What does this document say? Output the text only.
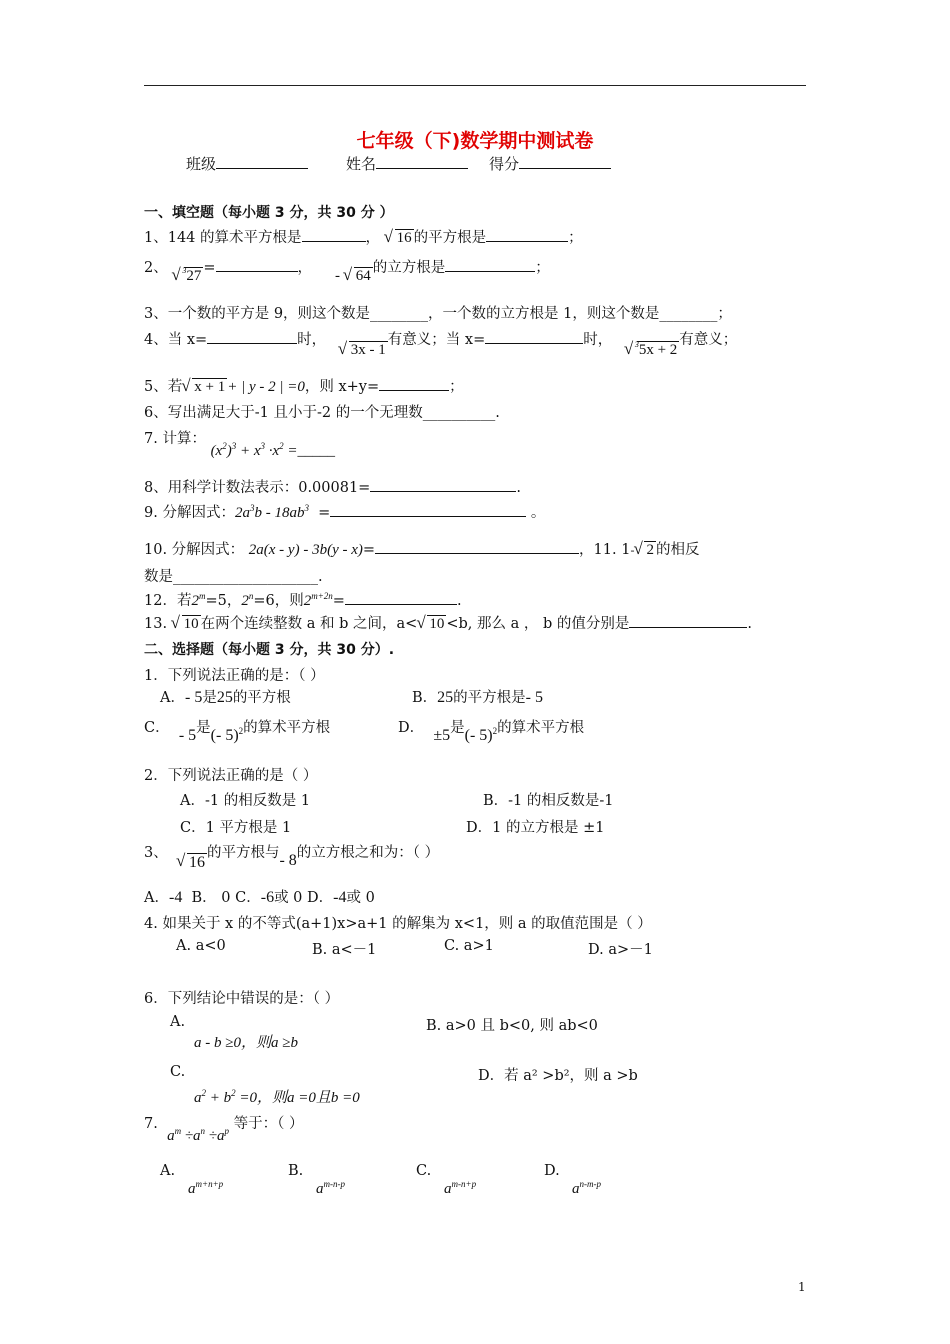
七年级（下)数学期中测试卷
班级	姓名	得分
一、填空题（每小题 3 分，共 30 分 ）
1、144 的算术平方根是	， √ 16 的平方根是	；
2、 √ $^3$27 =	， - √ 64 的立方根是	；
3、一个数的平方是 9，则这个数是________，一个数的立方根是 1，则这个数是________；
4、当 x=	时， √ 3x - 1有意义；当 x=	时，	√ $^3$5x + 2有意义；
5、若 √ x + 1 + | y - 2 | =0，则 x+y=	；
6、写出满足大于-1 且小于-2 的一个无理数__________.
7. 计算： $(x^2)^3 + x^3 \cdot x^2$ =_____
8、用科学计数法表示：0.00081=	.
9. 分解因式：$2a^3b - 18ab^3$ =	。
10. 分解因式： 2a(x - y) - 3b(y - x)=	，11. 1- √ 2 的相反
数是____________________.
12．若$2^m=5$，$2^n=6$，则$2^{m+2n}=$	.
13. √ 10 在两个连续整数 a 和 b 之间，a< √ 10 <b, 那么 a ， b 的值分别是	.
二、选择题（每小题 3 分，共 30 分）.
1．下列说法正确的是：（ ）
A．- 5是25的平方根	B．25的平方根是- 5
C． - 5是(- 5)$^2$的算术平方根	D． ±5是(- 5)$^2$的算术平方根
2．下列说法正确的是（ ）
A．-1 的相反数是 1	B．-1 的相反数是-1
C．1 平方根是 1	D．1 的立方根是 ±1
3、  √ 16的平方根与- 8的立方根之和为：（ ）
A．-4 B． 0 C．-6或 0 D．-4或 0
4. 如果关于 x 的不等式(a+1)x>a+1 的解集为 x<1，则 a 的取值范围是（ ）
A. a<0	B. a<－1	C. a>1	D. a>－1
6．下列结论中错误的是：（ ）
A.
a - b ≥0，则a ≥b
B. a>0 且 b<0, 则 ab<0
C.
$a^2 + b^2 =0$，则a =0且b =0
D．若 a² >b²，则 a >b
7.  $a^m \div a^n \div a^p$ 等于：（ ）
A.
$a^{m+n+p}$
B.
$a^{m-n-p}$
C.
$a^{m-n+p}$
D.
$a^{n-m-p}$
1
